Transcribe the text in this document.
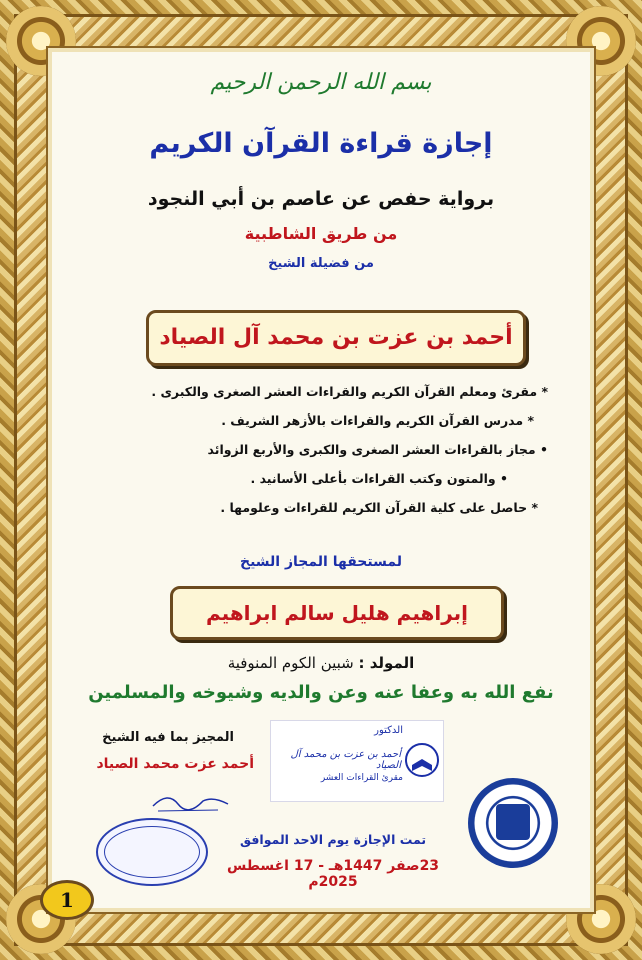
بسم الله الرحمن الرحيم
إجازة قراءة القرآن الكريم
برواية حفص عن عاصم بن أبي النجود
من طريق الشاطبية
من فضيلة الشيخ
أحمد بن عزت بن محمد آل الصياد
* مقرئ ومعلم القرآن الكريم والقراءات العشر الصغرى والكبرى .
* مدرس القرآن الكريم والقراءات بالأزهر الشريف .
• مجاز بالقراءات العشر الصغرى والكبرى والأربع الزوائد
• والمتون وكتب القراءات بأعلى الأسانيد .
* حاصل على كلية القرآن الكريم للقراءات وعلومها .
لمستحقها المجاز الشيخ
إبراهيم هليل سالم ابراهيم
المولد : شبين الكوم المنوفية
نفع الله به وعفا عنه وعن والديه وشيوخه والمسلمين
المجيز بما فيه الشيخ
أحمد عزت محمد الصياد
الدكتور
أحمد بن عزت بن محمد آل الصياد
مقرئ القراءات العشر
تمت الإجازة يوم الاحد الموافق
23صفر 1447هـ - 17 اغسطس 2025م
1
